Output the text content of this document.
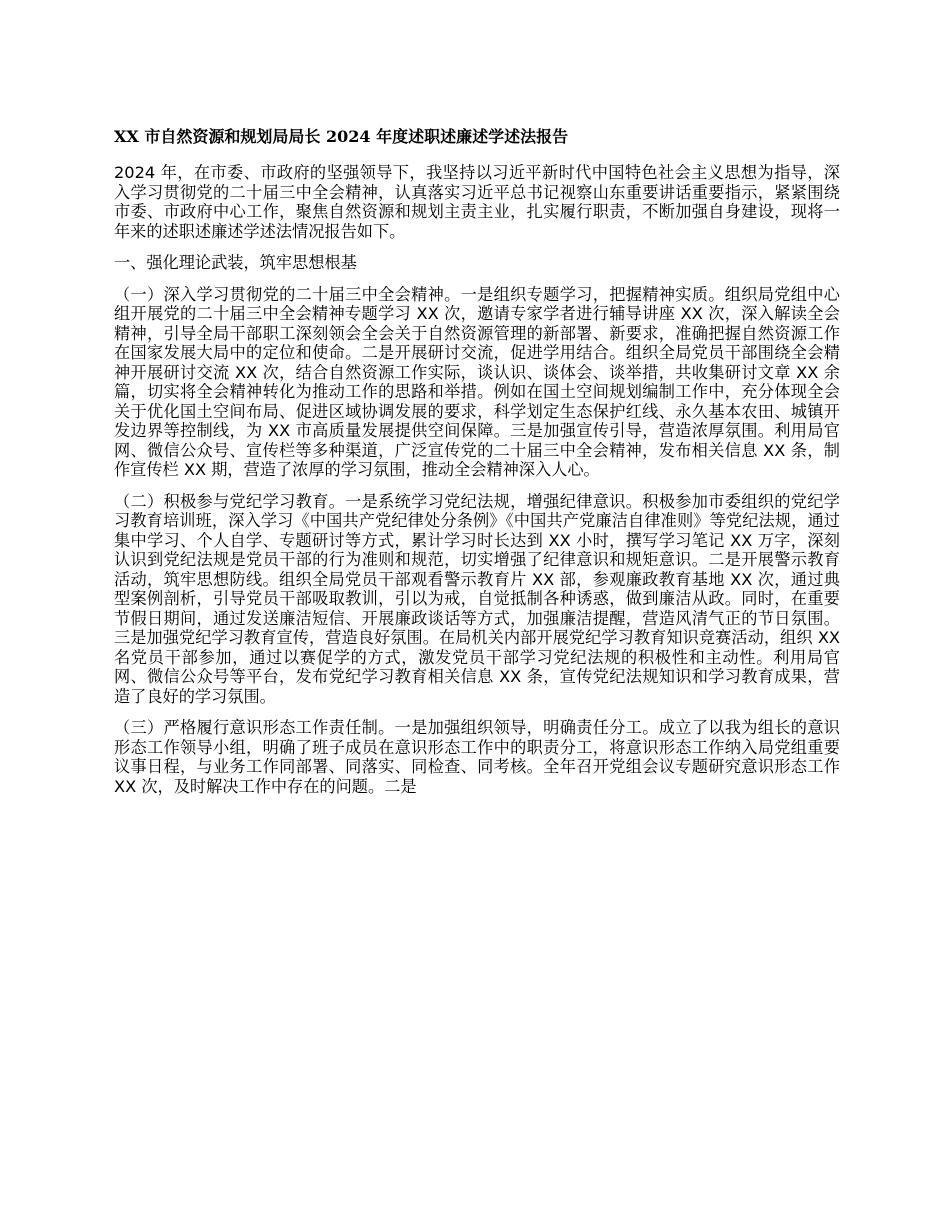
XX 市自然资源和规划局局长 2024 年度述职述廉述学述法报告

2024 年，在市委、市政府的坚强领导下，我坚持以习近平新时代中国特色社会主义思想为指导，深入学习贯彻党的二十届三中全会精神，认真落实习近平总书记视察山东重要讲话重要指示，紧紧围绕市委、市政府中心工作，聚焦自然资源和规划主责主业，扎实履行职责，不断加强自身建设，现将一年来的述职述廉述学述法情况报告如下。

一、强化理论武装，筑牢思想根基

（一）深入学习贯彻党的二十届三中全会精神。一是组织专题学习，把握精神实质。组织局党组中心组开展党的二十届三中全会精神专题学习 XX 次，邀请专家学者进行辅导讲座 XX 次，深入解读全会精神，引导全局干部职工深刻领会全会关于自然资源管理的新部署、新要求，准确把握自然资源工作在国家发展大局中的定位和使命。二是开展研讨交流，促进学用结合。组织全局党员干部围绕全会精神开展研讨交流 XX 次，结合自然资源工作实际，谈认识、谈体会、谈举措，共收集研讨文章 XX 余篇，切实将全会精神转化为推动工作的思路和举措。例如在国土空间规划编制工作中，充分体现全会关于优化国土空间布局、促进区域协调发展的要求，科学划定生态保护红线、永久基本农田、城镇开发边界等控制线，为 XX 市高质量发展提供空间保障。三是加强宣传引导，营造浓厚氛围。利用局官网、微信公众号、宣传栏等多种渠道，广泛宣传党的二十届三中全会精神，发布相关信息 XX 条，制作宣传栏 XX 期，营造了浓厚的学习氛围，推动全会精神深入人心。

（二）积极参与党纪学习教育。一是系统学习党纪法规，增强纪律意识。积极参加市委组织的党纪学习教育培训班，深入学习《中国共产党纪律处分条例》《中国共产党廉洁自律准则》等党纪法规，通过集中学习、个人自学、专题研讨等方式，累计学习时长达到 XX 小时，撰写学习笔记 XX 万字，深刻认识到党纪法规是党员干部的行为准则和规范，切实增强了纪律意识和规矩意识。二是开展警示教育活动，筑牢思想防线。组织全局党员干部观看警示教育片 XX 部，参观廉政教育基地 XX 次，通过典型案例剖析，引导党员干部吸取教训，引以为戒，自觉抵制各种诱惑，做到廉洁从政。同时，在重要节假日期间，通过发送廉洁短信、开展廉政谈话等方式，加强廉洁提醒，营造风清气正的节日氛围。三是加强党纪学习教育宣传，营造良好氛围。在局机关内部开展党纪学习教育知识竞赛活动，组织 XX 名党员干部参加，通过以赛促学的方式，激发党员干部学习党纪法规的积极性和主动性。利用局官网、微信公众号等平台，发布党纪学习教育相关信息 XX 条，宣传党纪法规知识和学习教育成果，营造了良好的学习氛围。

（三）严格履行意识形态工作责任制。一是加强组织领导，明确责任分工。成立了以我为组长的意识形态工作领导小组，明确了班子成员在意识形态工作中的职责分工，将意识形态工作纳入局党组重要议事日程，与业务工作同部署、同落实、同检查、同考核。全年召开党组会议专题研究意识形态工作 XX 次，及时解决工作中存在的问题。二是
